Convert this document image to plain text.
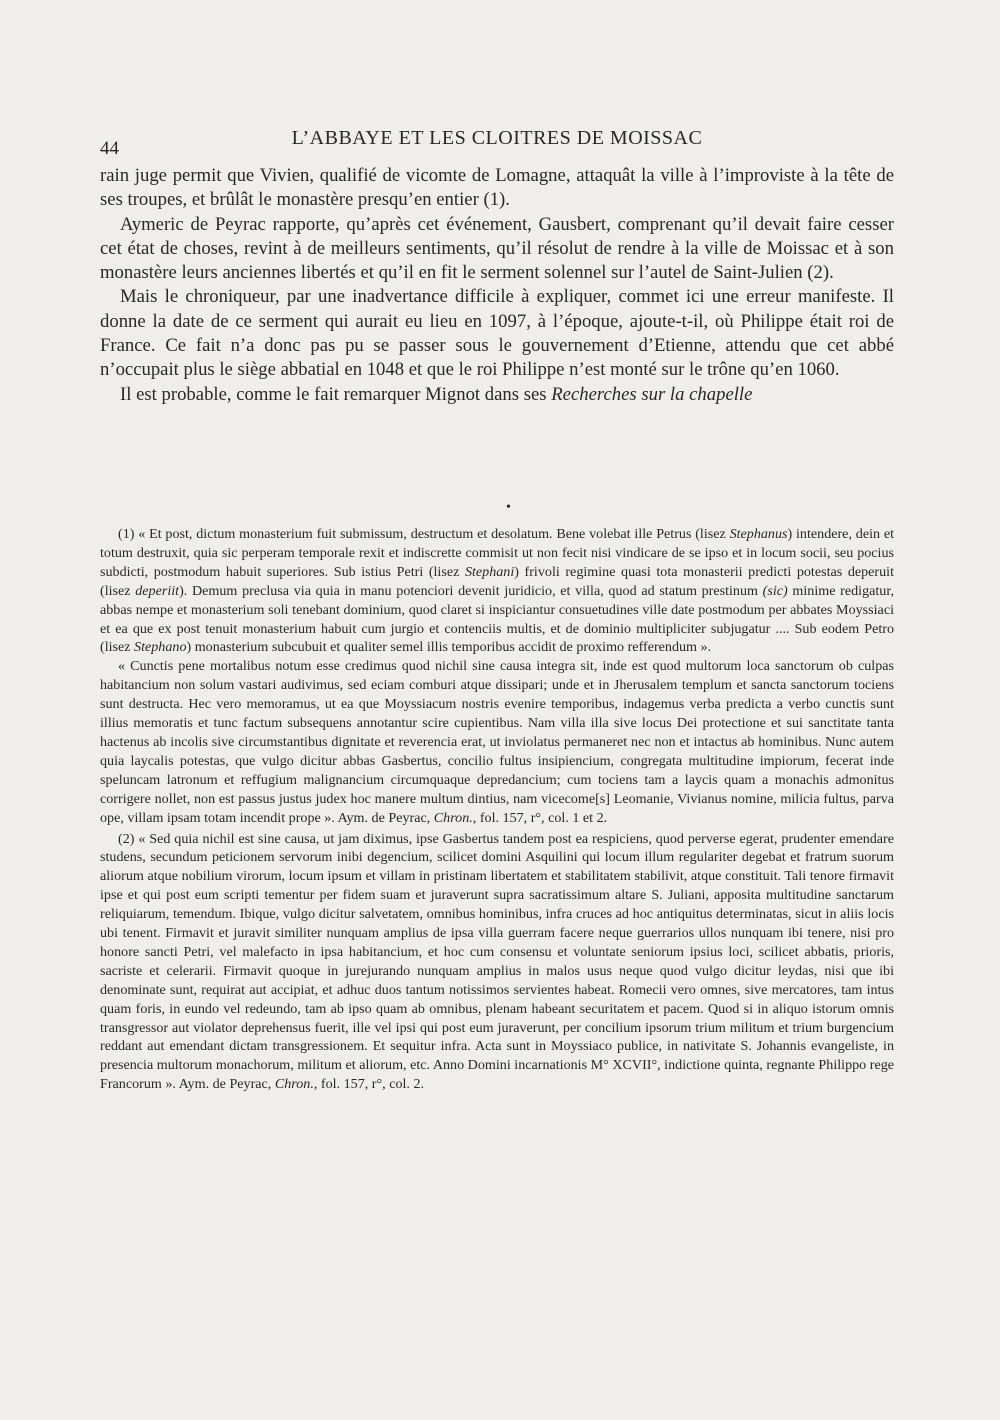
44	L’ABBAYE ET LES CLOITRES DE MOISSAC

rain juge permit que Vivien, qualifié de vicomte de Lomagne, attaquât la ville à l’improviste à la tête de ses troupes, et brûlât le monastère presqu’en entier (1).

Aymeric de Peyrac rapporte, qu’après cet événement, Gausbert, comprenant qu’il devait faire cesser cet état de choses, revint à de meilleurs sentiments, qu’il résolut de rendre à la ville de Moissac et à son monastère leurs anciennes libertés et qu’il en fit le serment solennel sur l’autel de Saint-Julien (2).

Mais le chroniqueur, par une inadvertance difficile à expliquer, commet ici une erreur manifeste. Il donne la date de ce serment qui aurait eu lieu en 1097, à l’époque, ajoute-t-il, où Philippe était roi de France. Ce fait n’a donc pas pu se passer sous le gouvernement d’Etienne, attendu que cet abbé n’occupait plus le siège abbatial en 1048 et que le roi Philippe n’est monté sur le trône qu’en 1060.

Il est probable, comme le fait remarquer Mignot dans ses Recherches sur la chapelle

•

(1) « Et post, dictum monasterium fuit submissum, destructum et desolatum. Bene volebat ille Petrus (lisez Stephanus) intendere, dein et totum destruxit, quia sic perperam temporale rexit et indiscrette commisit ut non fecit nisi vindicare de se ipso et in locum socii, seu pocius subdicti, postmodum habuit superiores. Sub istius Petri (lisez Stephani) frivoli regimine quasi tota monasterii predicti potestas deperuit (lisez deperiit). Demum preclusa via quia in manu potenciori devenit juridicio, et villa, quod ad statum prestinum (sic) minime redigatur, abbas nempe et monasterium soli tenebant dominium, quod claret si inspiciantur consuetudines ville date postmodum per abbates Moyssiaci et ea que ex post tenuit monasterium habuit cum jurgio et contenciis multis, et de dominio multipliciter subjugatur .... Sub eodem Petro (lisez Stephano) monasterium subcubuit et qualiter semel illis temporibus accidit de proximo refferendum ».

« Cunctis pene mortalibus notum esse credimus quod nichil sine causa integra sit, inde est quod multorum loca sanctorum ob culpas habitancium non solum vastari audivimus, sed eciam comburi atque dissipari; unde et in Jherusalem templum et sancta sanctorum tociens sunt destructa. Hec vero memoramus, ut ea que Moyssiacum nostris evenire temporibus, indagemus verba predicta a verbo cunctis sunt illius memoratis et tunc factum subsequens annotantur scire cupientibus. Nam villa illa sive locus Dei protectione et sui sanctitate tanta hactenus ab incolis sive circumstantibus dignitate et reverencia erat, ut inviolatus permaneret nec non et intactus ab hominibus. Nunc autem quia laycalis potestas, que vulgo dicitur abbas Gasbertus, concilio fultus insipiencium, congregata multitudine impiorum, fecerat inde speluncam latronum et reffugium malignancium circumquaque depredancium; cum tociens tam a laycis quam a monachis admonitus corrigere nollet, non est passus justus judex hoc manere multum dintius, nam vicecome[s] Leomanie, Vivianus nomine, milicia fultus, parva ope, villam ipsam totam incendit prope ». Aym. de Peyrac, Chron., fol. 157, r°, col. 1 et 2.

(2) « Sed quia nichil est sine causa, ut jam diximus, ipse Gasbertus tandem post ea respiciens, quod perverse egerat, prudenter emendare studens, secundum peticionem servorum inibi degencium, scilicet domini Asquilini qui locum illum regulariter degebat et fratrum suorum aliorum atque nobilium virorum, locum ipsum et villam in pristinam libertatem et stabilitatem stabilivit, atque constituit. Tali tenore firmavit ipse et qui post eum scripti tementur per fidem suam et juraverunt supra sacratissimum altare S. Juliani, apposita multitudine sanctarum reliquiarum, temendum. Ibique, vulgo dicitur salvetatem, omnibus hominibus, infra cruces ad hoc antiquitus determinatas, sicut in aliis locis ubi tenent. Firmavit et juravit similiter nunquam amplius de ipsa villa guerram facere neque guerrarios ullos nunquam ibi tenere, nisi pro honore sancti Petri, vel malefacto in ipsa habitancium, et hoc cum consensu et voluntate seniorum ipsius loci, scilicet abbatis, prioris, sacriste et celerarii. Firmavit quoque in jurejurando nunquam amplius in malos usus neque quod vulgo dicitur leydas, nisi que ibi denominate sunt, requirat aut accipiat, et adhuc duos tantum notissimos servientes habeat. Romecii vero omnes, sive mercatores, tam intus quam foris, in eundo vel redeundo, tam ab ipso quam ab omnibus, plenam habeant securitatem et pacem. Quod si in aliquo istorum omnis transgressor aut violator deprehensus fuerit, ille vel ipsi qui post eum juraverunt, per concilium ipsorum trium militum et trium burgencium reddant aut emendant dictam transgressionem. Et sequitur infra. Acta sunt in Moyssiaco publice, in nativitate S. Johannis evangeliste, in presencia multorum monachorum, militum et aliorum, etc. Anno Domini incarnationis M° XCVII°, indictione quinta, regnante Philippo rege Francorum ». Aym. de Peyrac, Chron., fol. 157, r°, col. 2.
